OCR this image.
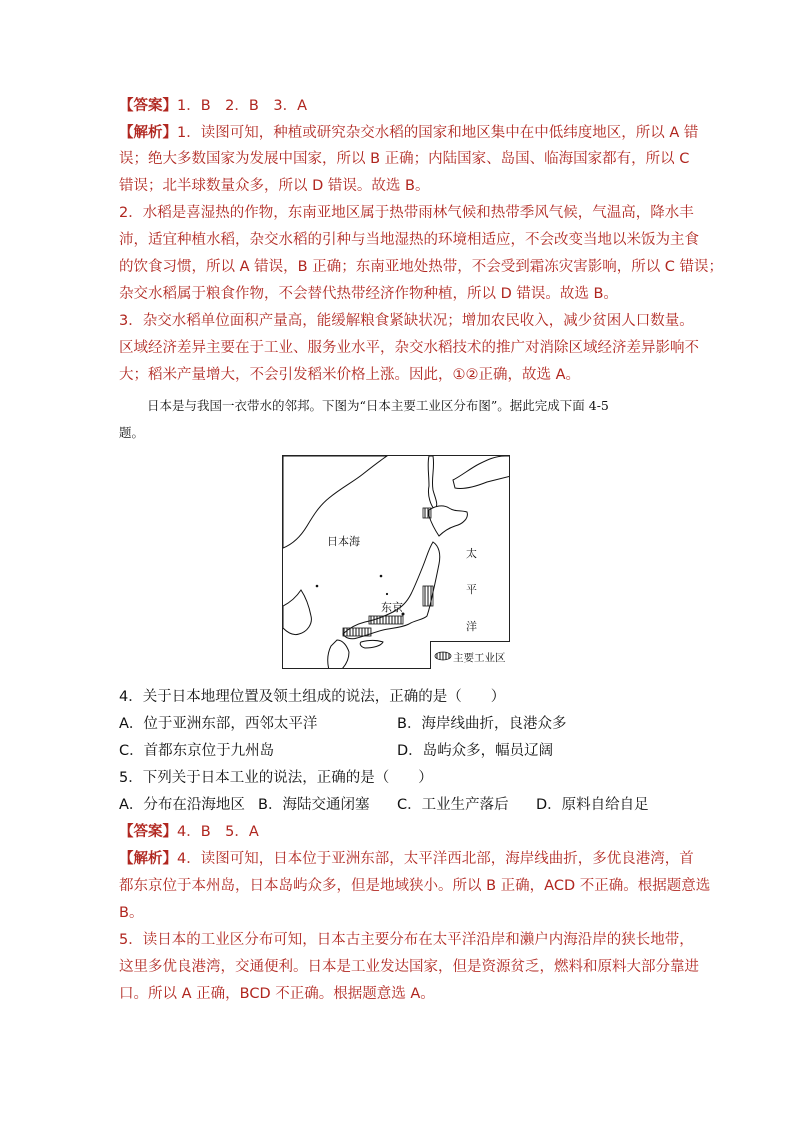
【答案】1．B　2．B　3．A
【解析】1．读图可知，种植或研究杂交水稻的国家和地区集中在中低纬度地区，所以 A 错
误；绝大多数国家为发展中国家，所以 B 正确；内陆国家、岛国、临海国家都有，所以 C
错误；北半球数量众多，所以 D 错误。故选 B。
2．水稻是喜湿热的作物，东南亚地区属于热带雨林气候和热带季风气候，气温高，降水丰
沛，适宜种植水稻，杂交水稻的引种与当地湿热的环境相适应，不会改变当地以米饭为主食
的饮食习惯，所以 A 错误，B 正确；东南亚地处热带，不会受到霜冻灾害影响，所以 C 错误；
杂交水稻属于粮食作物，不会替代热带经济作物种植，所以 D 错误。故选 B。
3．杂交水稻单位面积产量高，能缓解粮食紧缺状况；增加农民收入，减少贫困人口数量。
区域经济差异主要在于工业、服务业水平，杂交水稻技术的推广对消除区域经济差异影响不
大；稻米产量增大，不会引发稻米价格上涨。因此，①②正确，故选 A。
日本是与我国一衣带水的邻邦。下图为“日本主要工业区分布图”。据此完成下面 4-5
题。
日本海
太
平
洋
东京
主要工业区
4．关于日本地理位置及领土组成的说法，正确的是（　　）
A．位于亚洲东部，西邻太平洋	B．海岸线曲折，良港众多
C．首都东京位于九州岛	D．岛屿众多，幅员辽阔
5．下列关于日本工业的说法，正确的是（　　）
A．分布在沿海地区 B．海陆交通闭塞 C．工业生产落后 D．原料自给自足
【答案】4．B　5．A
【解析】4．读图可知，日本位于亚洲东部，太平洋西北部，海岸线曲折，多优良港湾，首
都东京位于本州岛，日本岛屿众多，但是地域狭小。所以 B 正确，ACD 不正确。根据题意选
B。
5．读日本的工业区分布可知，日本古主要分布在太平洋沿岸和濑户内海沿岸的狭长地带，
这里多优良港湾，交通便利。日本是工业发达国家，但是资源贫乏，燃料和原料大部分靠进
口。所以 A 正确，BCD 不正确。根据题意选 A。
